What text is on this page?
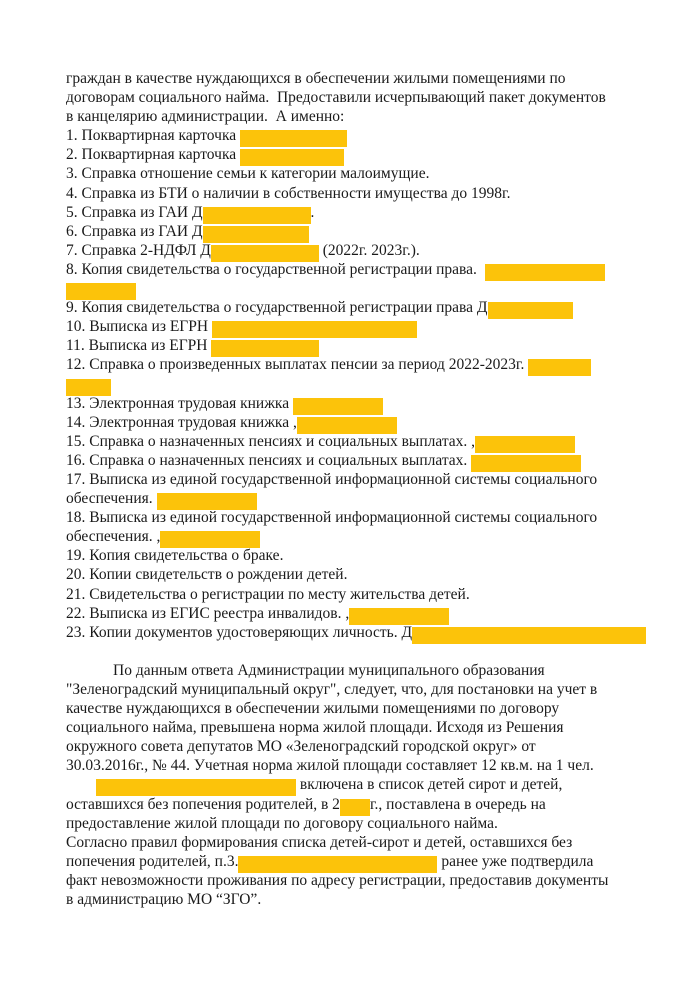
граждан в качестве нуждающихся в обеспечении жилыми помещениями по
договорам социального найма.  Предоставили исчерпывающий пакет документов
в канцелярию администрации.  А именно:
1. Поквартирная карточка
2. Поквартирная карточка
3. Справка отношение семьи к категории малоимущие.
4. Справка из БТИ о наличии в собственности имущества до 1998г.
5. Справка из ГАИ Д	.
6. Справка из ГАИ Д
7. Справка 2-НДФЛ Д	(2022г. 2023г.).
8. Копия свидетельства о государственной регистрации права.
9. Копия свидетельства о государственной регистрации права Д
10. Выписка из ЕГРН
11. Выписка из ЕГРН
12. Справка о произведенных выплатах пенсии за период 2022-2023г.
13. Электронная трудовая книжка
14. Электронная трудовая книжка ,
15. Справка о назначенных пенсиях и социальных выплатах. ,
16. Справка о назначенных пенсиях и социальных выплатах.
17. Выписка из единой государственной информационной системы социального
обеспечения.
18. Выписка из единой государственной информационной системы социального
обеспечения. ,
19. Копия свидетельства о браке.
20. Копии свидетельств о рождении детей.
21. Свидетельства о регистрации по месту жительства детей.
22. Выписка из ЕГИС реестра инвалидов. ,
23. Копии документов удостоверяющих личность. Д

По данным ответа Администрации муниципального образования
"Зеленоградский муниципальный округ", следует, что, для постановки на учет в
качестве нуждающихся в обеспечении жилыми помещениями по договору
социального найма, превышена норма жилой площади. Исходя из Решения
окружного совета депутатов МО «Зеленоградский городской округ» от
30.03.2016г., № 44. Учетная норма жилой площади составляет 12 кв.м. на 1 чел.
включена в список детей сирот и детей,
оставшихся без попечения родителей, в 2 г., поставлена в очередь на
предоставление жилой площади по договору социального найма.
Согласно правил формирования списка детей-сирот и детей, оставшихся без
попечения родителей, п.3.	ранее уже подтвердила
факт невозможности проживания по адресу регистрации, предоставив документы
в администрацию МО “ЗГО”.
